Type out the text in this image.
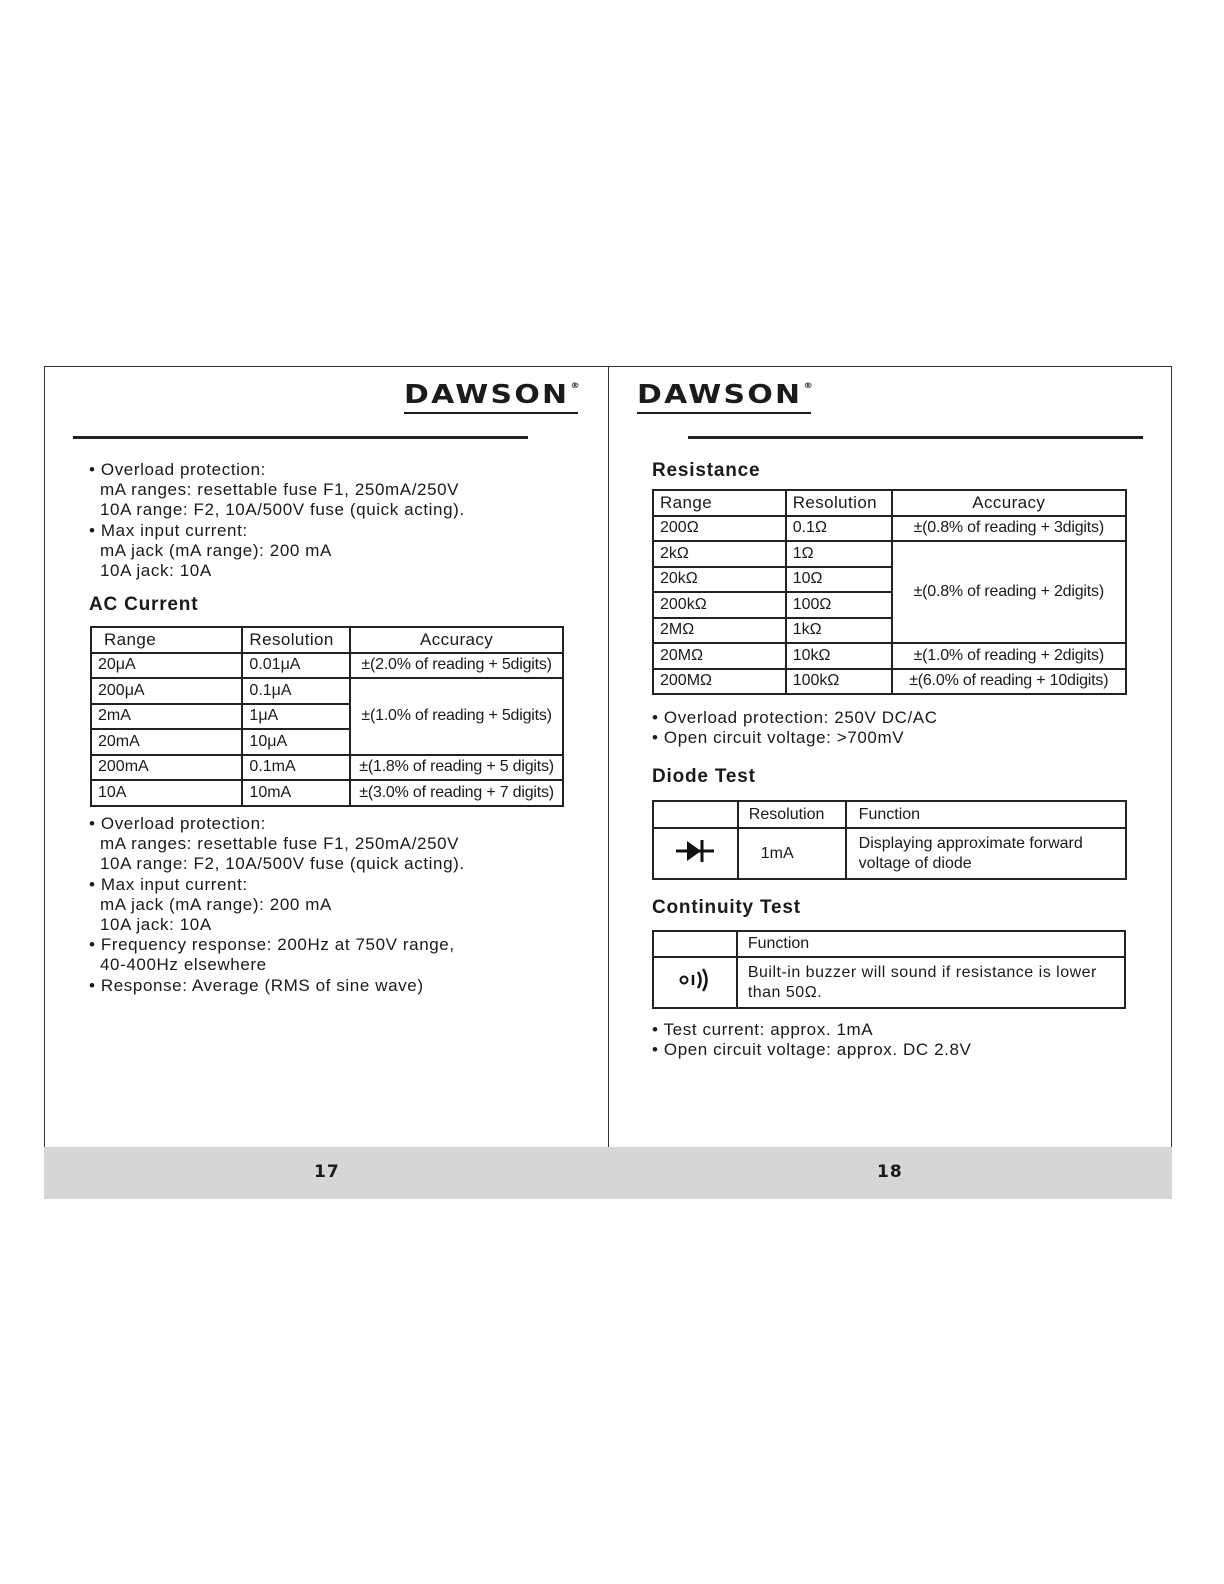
DAWSON®
• Overload protection:
mA ranges: resettable fuse F1, 250mA/250V
10A range: F2, 10A/500V fuse (quick acting).
• Max input current:
mA jack (mA range): 200 mA
10A jack: 10A
AC Current
Range	Resolution	Accuracy
20μA	0.01μA	±(2.0% of reading + 5digits)
200μA	0.1μA	±(1.0% of reading + 5digits)
2mA	1μA	
20mA	10μA	
200mA	0.1mA	±(1.8% of reading + 5 digits)
10A	10mA	±(3.0% of reading + 7 digits)
• Overload protection:
mA ranges: resettable fuse F1, 250mA/250V
10A range: F2, 10A/500V fuse (quick acting).
• Max input current:
mA jack (mA range): 200 mA
10A jack: 10A
• Frequency response: 200Hz at 750V range,
40-400Hz elsewhere
• Response: Average (RMS of sine wave)
17
DAWSON®
Resistance
Range	Resolution	Accuracy
200Ω	0.1Ω	±(0.8% of reading + 3digits)
2kΩ	1Ω	±(0.8% of reading + 2digits)
20kΩ	10Ω	
200kΩ	100Ω	
2MΩ	1kΩ	
20MΩ	10kΩ	±(1.0% of reading + 2digits)
200MΩ	100kΩ	±(6.0% of reading + 10digits)
• Overload protection: 250V DC/AC
• Open circuit voltage: >700mV
Diode Test
	Resolution	Function
	1mA	Displaying approximate forward voltage of diode
Continuity Test
	Function
	Built-in buzzer will sound if resistance is lower than 50Ω.
• Test current: approx. 1mA
• Open circuit voltage: approx. DC 2.8V
18
